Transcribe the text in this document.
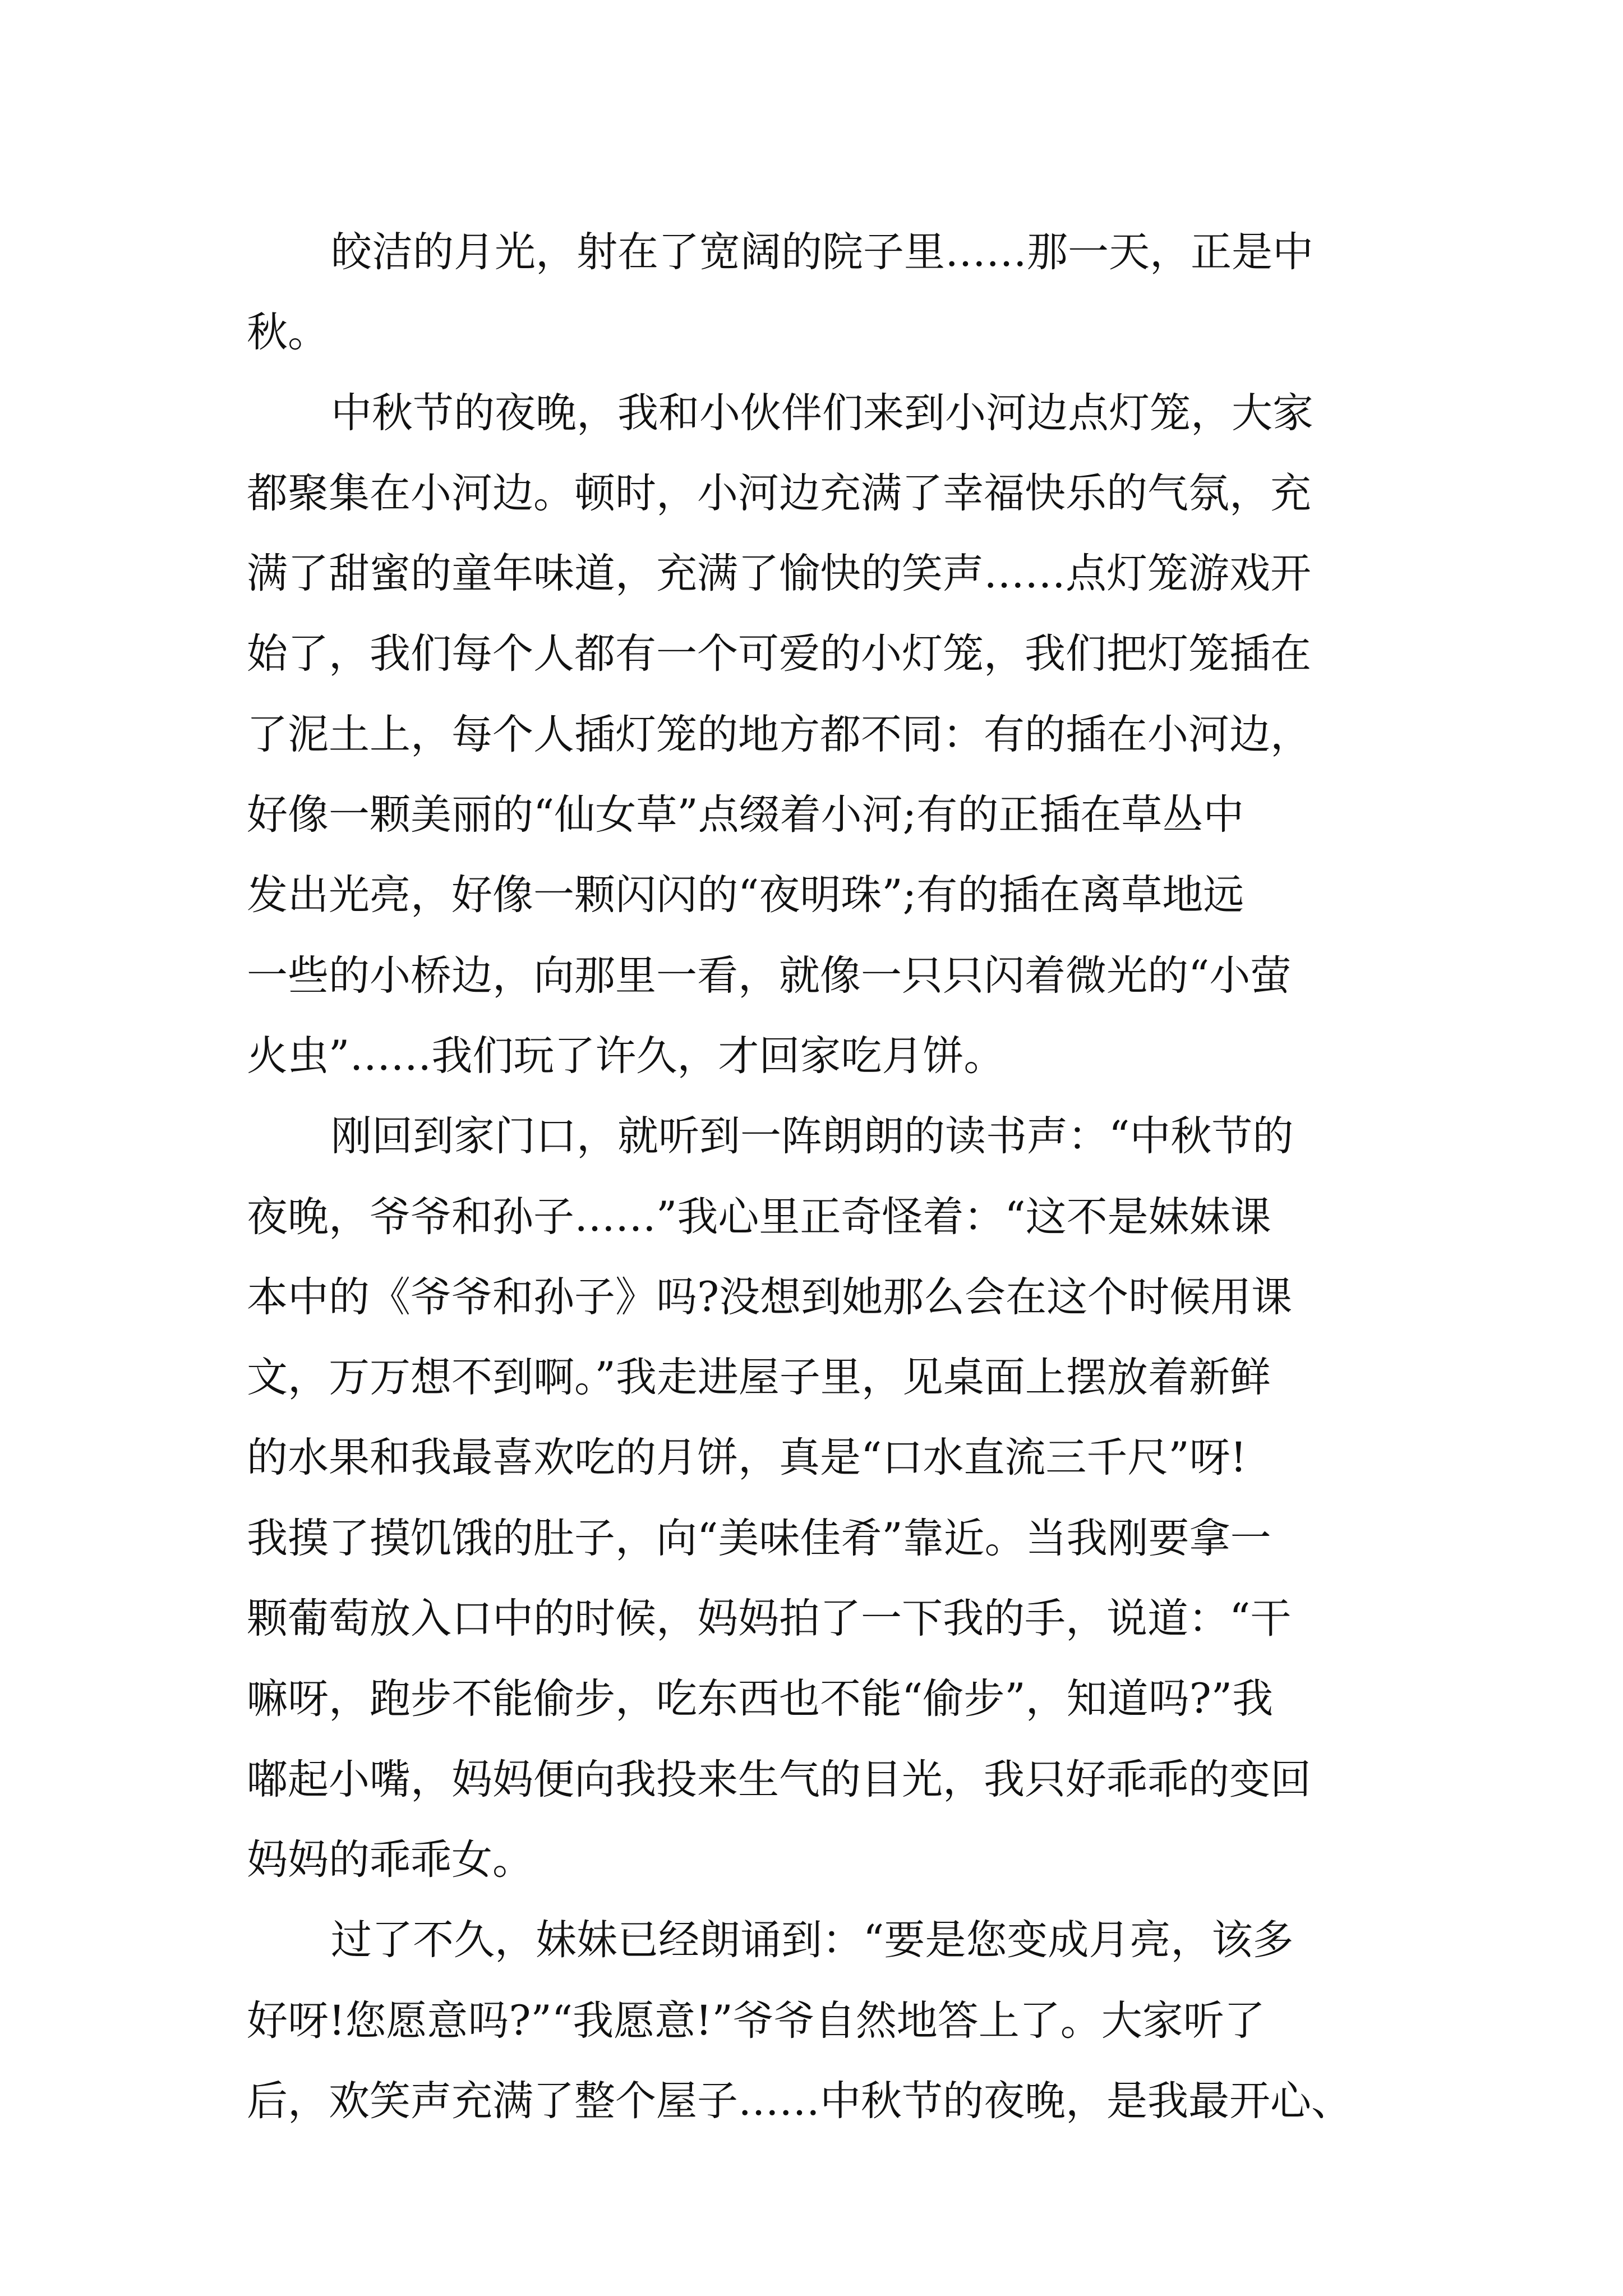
皎洁的月光，射在了宽阔的院子里……那一天，正是中
秋。
中秋节的夜晚，我和小伙伴们来到小河边点灯笼，大家
都聚集在小河边。顿时，小河边充满了幸福快乐的气氛，充
满了甜蜜的童年味道，充满了愉快的笑声……点灯笼游戏开
始了，我们每个人都有一个可爱的小灯笼，我们把灯笼插在
了泥土上，每个人插灯笼的地方都不同：有的插在小河边，
好像一颗美丽的“仙女草”点缀着小河;有的正插在草丛中
发出光亮，好像一颗闪闪的“夜明珠”;有的插在离草地远
一些的小桥边，向那里一看，就像一只只闪着微光的“小萤
火虫”……我们玩了许久，才回家吃月饼。
刚回到家门口，就听到一阵朗朗的读书声：“中秋节的
夜晚，爷爷和孙子……”我心里正奇怪着：“这不是妹妹课
本中的《爷爷和孙子》吗?没想到她那么会在这个时候用课
文，万万想不到啊。”我走进屋子里，见桌面上摆放着新鲜
的水果和我最喜欢吃的月饼，真是“口水直流三千尺”呀!
我摸了摸饥饿的肚子，向“美味佳肴”靠近。当我刚要拿一
颗葡萄放入口中的时候，妈妈拍了一下我的手，说道：“干
嘛呀，跑步不能偷步，吃东西也不能“偷步”，知道吗?”我
嘟起小嘴，妈妈便向我投来生气的目光，我只好乖乖的变回
妈妈的乖乖女。
过了不久，妹妹已经朗诵到：“要是您变成月亮，该多
好呀!您愿意吗?”“我愿意!”爷爷自然地答上了。大家听了
后，欢笑声充满了整个屋子……中秋节的夜晚，是我最开心、
